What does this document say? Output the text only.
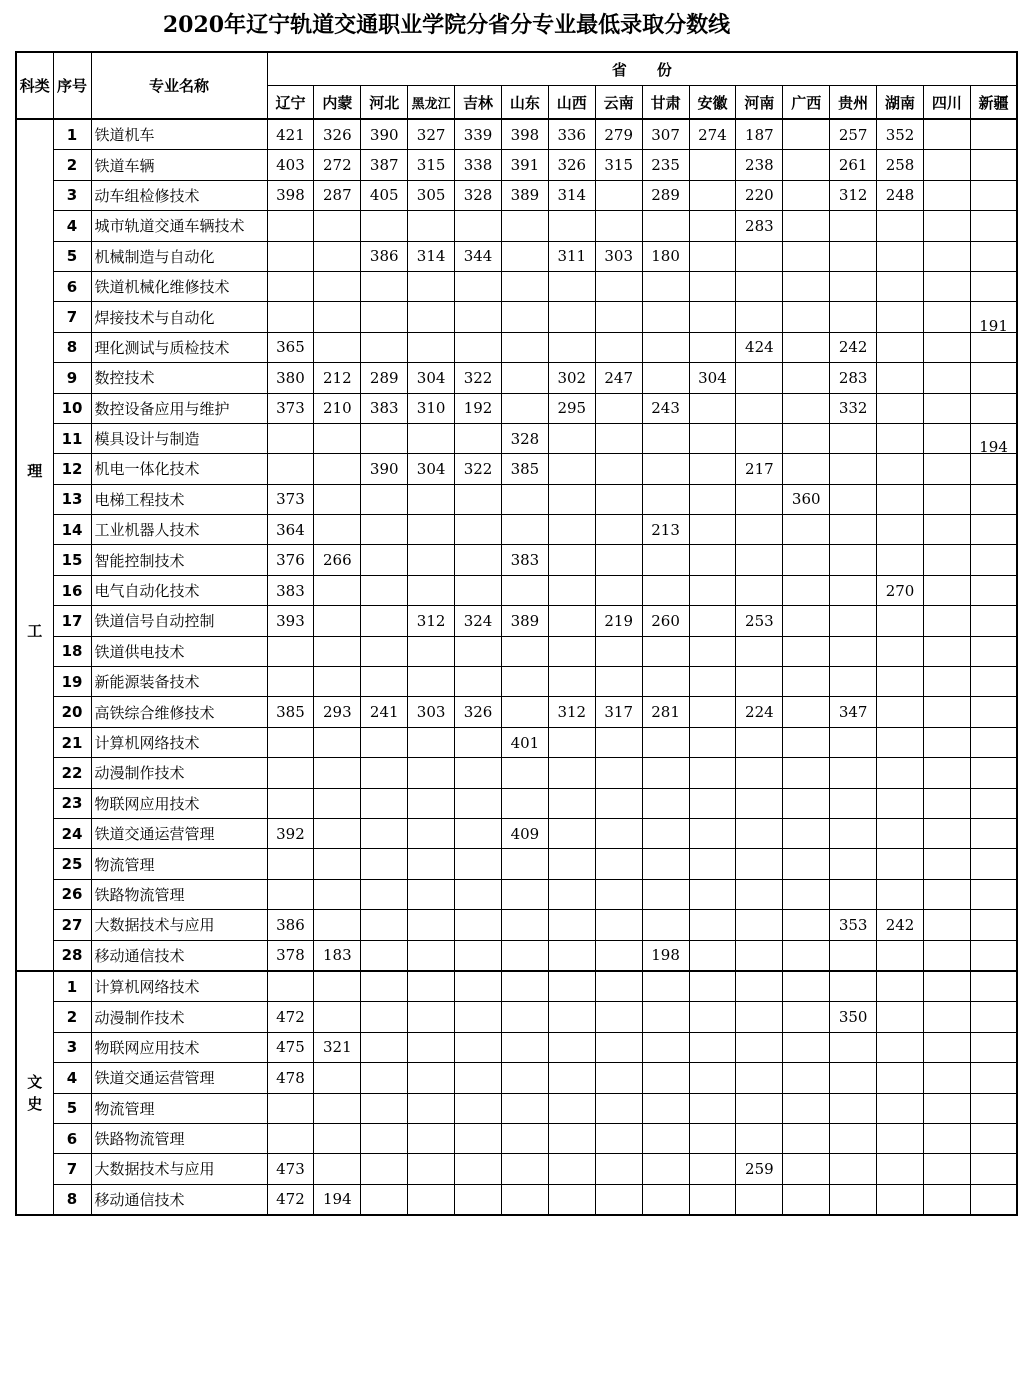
2020年辽宁轨道交通职业学院分省分专业最低录取分数线
科类	序号	专业名称	省　　份															
			辽宁	内蒙	河北	黑龙江	吉林	山东	山西	云南	甘肃	安徽	河南	广西	贵州	湖南	四川	新疆

理
工	1	铁道机车	421	326	390	327	339	398	336	279	307	274	187		257	352		
	2	铁道车辆	403	272	387	315	338	391	326	315	235		238		261	258		
	3	动车组检修技术	398	287	405	305	328	389	314		289		220		312	248		
	4	城市轨道交通车辆技术											283					
	5	机械制造与自动化			386	314	344		311	303	180							
	6	铁道机械化维修技术																
	7	焊接技术与自动化																191
	8	理化测试与质检技术	365										424		242			
	9	数控技术	380	212	289	304	322		302	247		304			283			
	10	数控设备应用与维护	373	210	383	310	192		295		243				332			
	11	模具设计与制造						328										194
	12	机电一体化技术			390	304	322	385					217					
	13	电梯工程技术	373											360				
	14	工业机器人技术	364								213							
	15	智能控制技术	376	266				383										
	16	电气自动化技术	383													270		
	17	铁道信号自动控制	393			312	324	389		219	260		253					
	18	铁道供电技术																
	19	新能源装备技术																
	20	高铁综合维修技术	385	293	241	303	326		312	317	281		224		347			
	21	计算机网络技术						401										
	22	动漫制作技术																
	23	物联网应用技术																
	24	铁道交通运营管理	392					409										
	25	物流管理																
	26	铁路物流管理																
	27	大数据技术与应用	386												353	242		
	28	移动通信技术	378	183							198							

文
史	1	计算机网络技术																
	2	动漫制作技术	472												350			
	3	物联网应用技术	475	321														
	4	铁道交通运营管理	478															
	5	物流管理																
	6	铁路物流管理																
	7	大数据技术与应用	473										259					
	8	移动通信技术	472	194														
